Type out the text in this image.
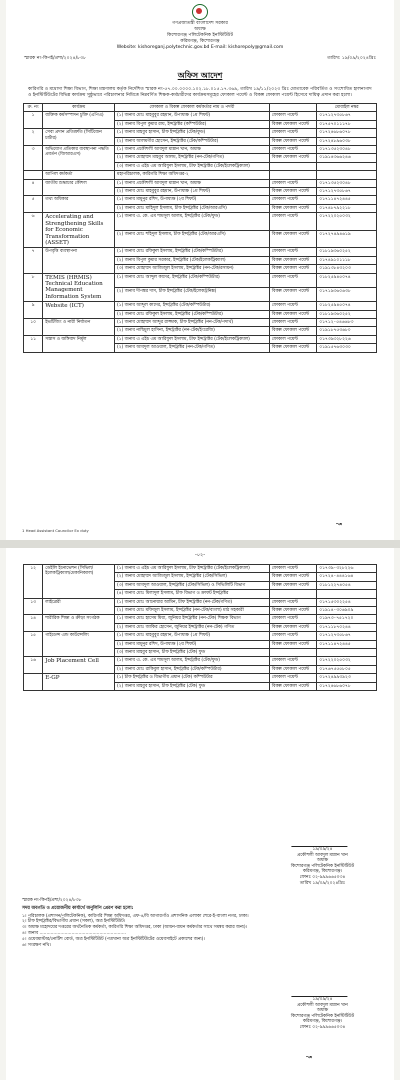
গণপ্রজাতন্ত্রী বাংলাদেশ সরকার
অধ্যক্ষ
কিশোরগঞ্জ পলিটেকনিক ইনস্টিটিউট
করিমগঞ্জ, কিশোরগঞ্জ
Website: kishoreganj.polytechnic.gov.bd E-mail: kishorepoly@gmail.com
স্মারক নং-কিপই/প্রশা/২০২৪/৮৩৮	তারিখ: ১৯/০৯/২০২৪খ্রিঃ
অফিস আদেশ
কারিগরি ও মাদ্রাসা শিক্ষা বিভাগ, শিক্ষা মন্ত্রণালয় কর্তৃক নির্দেশিত স্মারক নং-৫৭.০০.০০০০.১০২.১৮.০১৫.১৭.৩৬৯, তারিখ ১৯/১১/২০২৩ খ্রিঃ মোতাবেক পরিবর্তিত ও সংশোধিত হালনাগাদ ও ইনস্টিটিউটের বিভিন্ন কার্যক্রম সুষ্ঠুভাবে পরিচালনার নিমিত্তে নিম্নবর্ণিত শিক্ষক-কর্মচারীদের কার্যক্রমসমূহের ফোকাল পয়েন্ট ও বিকল্প ফোকাল পয়েন্ট হিসেবে দায়িত্ব প্রদান করা হলো।
ক্র. নং	কার্যক্রম	ফোকাল ও বিকল্প ফোকাল কর্মকর্তার নাম ও পদবী		মোবাইল নম্বর
১	ব্যক্তিক কর্মসম্পাদন চুক্তি (এপিএ)	(১) জনাব মোঃ মাহবুবুর রহমান, উপাধ্যক্ষ (১ম শিফট)	ফোকাল পয়েন্ট	০১৭১২৭৩৫৮৬৭
		(২) জনাব বিপুল কুমার রায়, ইন্সট্রাক্টর (কম্পিউটার)	বিকল্প ফোকাল পয়েন্ট	০১৭৫৭০১১১৭৮
২	সেবা প্রদান প্রতিশ্রুতি (সিটিজেন চার্টার)	(১) জনাব মাহবুব হাসান, চীফ ইন্সট্রাক্টর (টেক/ফুড)	ফোকাল পয়েন্ট	০১৭২৪৬৮৬০৭৮
		(২) জনাব আলমগীর হোসেন, ইন্সট্রাক্টর (টেক/কম্পিউটার)	বিকল্প ফোকাল পয়েন্ট	০১৭২৪৮৯৬০৩৮
৩	অভিযোগ প্রতিকার ব্যবস্থাপনা পদ্ধতি প্রবর্তন (জিআরএস)	(১) জনাব প্রকৌশলী আবদুল মান্নান খান, অধ্যক্ষ	ফোকাল পয়েন্ট	০১৭১৩৫২৩০৪৮
		(২) জনাব মোহাম্মদ মাহবুব আলম, ইন্সট্রাক্টর (নন-টেক/গণিত)	বিকল্প ফোকাল পয়েন্ট	০১৯১৪৩৬৬২৪৬
		(৩) জনাব এ এইচ এম আরিফুল ইসলাম, চীফ ইন্সট্রাক্টর (টেক/ইলেকট্রিক্যাল)		
	আপিল কর্মকর্তা	মহাপরিচালক, কারিগরি শিক্ষা অধিদপ্তর-২		
৪	জাতীয় শুদ্ধাচার কৌশল	(১) জনাব প্রকৌশলী আবদুল মান্নান খান, অধ্যক্ষ	ফোকাল পয়েন্ট	০১৭১৩৫২৩০৪৮
		(২) জনাব মোঃ মাহবুবুর রহমান, উপাধ্যক্ষ (১ম শিফট)	বিকল্প ফোকাল পয়েন্ট	০১৭১২৭৩৫৮৬৭
৫	তথ্য অধিকার	(১) জনাব মামুনুর রশিদ, উপাধ্যক্ষ (২য় শিফট)	ফোকাল পয়েন্ট	০১৭১১৪৭২৪৪৫
		(২) জনাব মোঃ মাহিদুল ইসলাম, চীফ ইন্সট্রাক্টর (টেক/আরএসি)	বিকল্প ফোকাল পয়েন্ট	০১৭৪৮৭৯২২১৮
৬	Accelerating and Strengthening Skills for Economic Transformation (ASSET)	(১) জনাব এ. কে. এম শামসুল আলম, ইন্সট্রাক্টর (টেক/ফুড)	ফোকাল পয়েন্ট	০১৭২২০২৫০৩২
		(২) জনাব মোঃ শহিদুল ইসলাম, চীফ ইন্সট্রাক্টর (টেক/আরএসি)	বিকল্প ফোকাল পয়েন্ট	০১৭২৭৪৯৪৬১৯
৭	উপবৃত্তি ব্যবস্থাপনা	(১) জনাব মোঃ রফিকুল ইসলাম, ইন্সট্রাক্টর (টেক/কম্পিউটার)	ফোকাল পয়েন্ট	০১৮১৯৩৬০২৫২
		(২) জনাব বিপুল কুমার সরকার, ইন্সট্রাক্টর (টেক/ইলেকট্রিক্যাল)	বিকল্প ফোকাল পয়েন্ট	০১৭৪৯১০১১১৮
		(৩) জনাব মোহাম্মদ আজিজুল ইসলাম, ইন্সট্রাক্টর (নন-টেক/রসায়ন)	বিকল্প ফোকাল পয়েন্ট	০১৯১৩৮৪৩২০৩
৮	TEMIS (HRMIS) Technical Education Management Information System	(১) জনাব মোঃ আব্দুল কাদের, ইন্সট্রাক্টর (টেক/কম্পিউটার)	ফোকাল পয়েন্ট	০১৮২৫৯৪৫০৭৪
		(২) জনাব দীপঙ্কর দাস, চীফ ইন্সট্রাক্টর (টেক/ইলেকট্রনিক্স)	বিকল্প ফোকাল পয়েন্ট	০১৭১৯৩৬০৬৩৮
৯	Website (ICT)	(১) জনাব আব্দুল কাদের, ইন্সট্রাক্টর (টেক/কম্পিউটার)	ফোকাল পয়েন্ট	০১৮২৫৯৪৫০৭৪
		(২) জনাব মোঃ রফিকুল ইসলাম, ইন্সট্রাক্টর (টেক/কম্পিউটার)	বিকল্প ফোকাল পয়েন্ট	০১৮১৯৩৬০২৫২
১০	ইভটিজিং ও নারী নির্যাতন	(১) জনাব মোহাম্মদ আব্দুর রাজ্জাক, চীফ ইন্সট্রাক্টর (নন-টেক/পদার্থ)	ফোকাল পয়েন্ট	০১৭১২-৫৪৬৬৮৩
		(২) জনাব নাছিমুল হাসিনা, ইন্সট্রাক্টর (নন-টেক/ইংরেজি)	বিকল্প ফোকাল পয়েন্ট	০১৯১৮৭৫৩৬৮০
১১	সন্ত্রাস ও জঙ্গিবাদ নির্মূল	(১) জনাব এ এইচ এম আরিফুল ইসলাম, চীফ ইন্সট্রাক্টর (টেক/ইলেকট্রিক্যাল)	ফোকাল পয়েন্ট	০১৭৩৯৩২৮২২৬
		(২) জনাব আবদুল আওয়াল, ইন্সট্রাক্টর (নন-টেক/গণিত)	বিকল্প ফোকাল পয়েন্ট	০১৯১৫৭৬৩০৩০
1 Head Assistant Councilor Ex duty
↝
-০২-
১২	ডেইলি ইনোভেশন (সিভিল/ইলেকট্রিক্যাল/মেকানিক্যাল)	(১) জনাব এ এইচ এম আরিফুল ইসলাম, চীফ ইন্সট্রাক্টর (টেক/ইলেকট্রিক্যাল)	ফোকাল পয়েন্ট	০১৭৩৯-৩২৮২২৬
		(২) জনাব মোহাম্মদ আজিজুল ইসলাম, ইন্সট্রাক্টর (টেক/সিভিল)	বিকল্প ফোকাল পয়েন্ট	০১৭২৪-৪৪৪১৬৪
		(৩) জনাব আবদুল আওয়াল, ইন্সট্রাক্টর (টেক/সিভিল) ও সিভিলিটি বিভাগ	বিকল্প ফোকাল পয়েন্ট	০১৮১২২৭৪০৫৪
		(৪) জনাব মোঃ মিলাদুল ইসলাম, চীফ বিভাগ ও ক্রাফট ইন্সট্রাক্টর		
১৩	লাইব্রেরী	(১) জনাব মোঃ আনোয়ার আমিন, চীফ ইন্সট্রাক্টর (নন-টেক/গণিত)	ফোকাল পয়েন্ট	০১৭১৫৩০২২৫৪
		(২) জনাব মোঃ মফিজুল ইসলাম, ইন্সট্রাক্টর (নন-টেক/বাংলা) মাঠ সহকারী	বিকল্প ফোকাল পয়েন্ট	০১৯১৪-৩০৬৯০৯
১৪	শারীরিক শিক্ষা ও ক্রীড়া সংগঠক	(১) জনাব মোঃ হাসেম মিয়া, জুনিয়র ইন্সট্রাক্টর (নন-টেক) শিক্ষক বিভাগ	ফোকাল পয়েন্ট	০১৯৭৩-৭৫১৭২০
		(২) জনাব মোঃ জাকির হোসেন, জুনিয়র ইন্সট্রাক্টর (নন-টেক) গণিত	বিকল্প ফোকাল পয়েন্ট	০১৭১১৮৭০২৪৪
১৫	গাইডেন্স এন্ড কাউন্সেলিং	(১) জনাব মোঃ মাহবুবুর রহমান, উপাধ্যক্ষ (১ম শিফট)	ফোকাল পয়েন্ট	০১৭১২৭৩৫৮৬৭
		(২) জনাব মামুনুর রশিদ, উপাধ্যক্ষ (২য় শিফট)	বিকল্প ফোকাল পয়েন্ট	০১৭১১৪৭২৪৪৫
		(৩) জনাব মাহবুব হাসান, চীফ ইন্সট্রাক্টর (টেক) ফুড		
১৬	Job Placement Cell	(১) জনাব এ. কে. এম শামসুল আলম, ইন্সট্রাক্টর (টেক/ফুড)	ফোকাল পয়েন্ট	০১৭২২০২৫০৩২
		(২) জনাব মোঃ রাকিবুল হাসান, ইন্সট্রাক্টর (টেক/কম্পিউটার)	বিকল্প ফোকাল পয়েন্ট	০১৭৬৭৫৫৫৮০৫
	E-GP	(১) চীফ ইন্সট্রাক্টর ও বিভাগীয় প্রধান (টেক) কম্পিউটার	ফোকাল পয়েন্ট	০১৭২৪৯৯৩৯২৩
		(২) জনাব মাহবুব হাসান, চীফ ইন্সট্রাক্টর (টেক) ফুড	বিকল্প ফোকাল পয়েন্ট	০১৭২৪৬৮৬০৭৮
১৯/০৯/২৪
প্রকৌশলী আবদুল মান্নান খান
অধ্যক্ষ
কিশোরগঞ্জ পলিটেকনিক ইনস্টিটিউট
করিমগঞ্জ, কিশোরগঞ্জ।
ফোনঃ ০২-৯৯৯৬৬৫০৩৪
তারিখ ১৯/০৯/২০২৪খ্রিঃ
স্মারক নং-কিপই/প্রশা/২০২৪/৮৩৮
সদয় অবগতি ও প্রয়োজনীয় কার্যার্থে অনুলিপি প্রেরণ করা হলো:
১। পরিচালক (প্রশাসন/পলিটেকনিক), কারিগরি শিক্ষা অধিদপ্তর, এফ-৪/বি আগারগাঁও প্রশাসনিক এলাকা শেরে-ই-বাংলা নগর, ঢাকা।
২। চীফ ইন্সট্রাক্টর/বিভাগীয় প্রধান (সকল), অত্র ইনস্টিটিউট।
৩। অধ্যক্ষ মহোদয়ের দপ্তরের অর্থনৈতিক কর্মকর্তা, কারিগরি শিক্ষা অধিদপ্তর, ঢাকা (আয়ন-ব্যয়ন কর্মকর্তার সাথে সমন্বয় করার জন্য)।
৪। জনাব ..............................................................
৫। ওয়েবমাস্টার/নোটিশ বোর্ড, অত্র ইনস্টিটিউট (পত্রখানা অত্র ইনস্টিটিউটের ওয়েবসাইটে প্রকাশের জন্য)।
৬। সংরক্ষণ নথি।
১৯/০৯/২৪
প্রকৌশলী আবদুল মান্নান খান
অধ্যক্ষ
কিশোরগঞ্জ পলিটেকনিক ইনস্টিটিউট
করিমগঞ্জ, কিশোরগঞ্জ।
ফোনঃ ০২-৯৯৯৬৬৫০৩৪
↝
